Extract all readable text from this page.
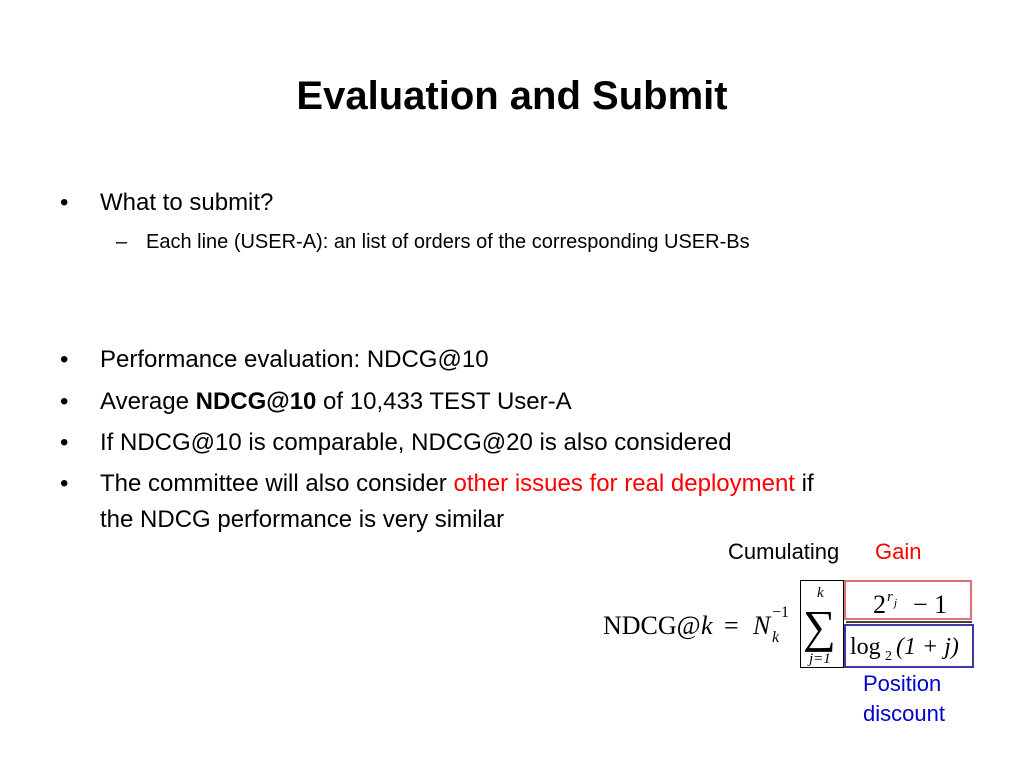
Evaluation and Submit
• What to submit?
– Each line (USER-A): an list of orders of the corresponding USER-Bs
• Performance evaluation: NDCG@10
• Average NDCG@10 of 10,433 TEST User-A
• If NDCG@10 is comparable, NDCG@20 is also considered
• The committee will also consider other issues for real deployment if
the NDCG performance is very similar
Cumulating Gain
Position
discount
NDCG@ k = N −1
k
k
∑
j=1
2 r j − 1
log 2 (1 + j)
